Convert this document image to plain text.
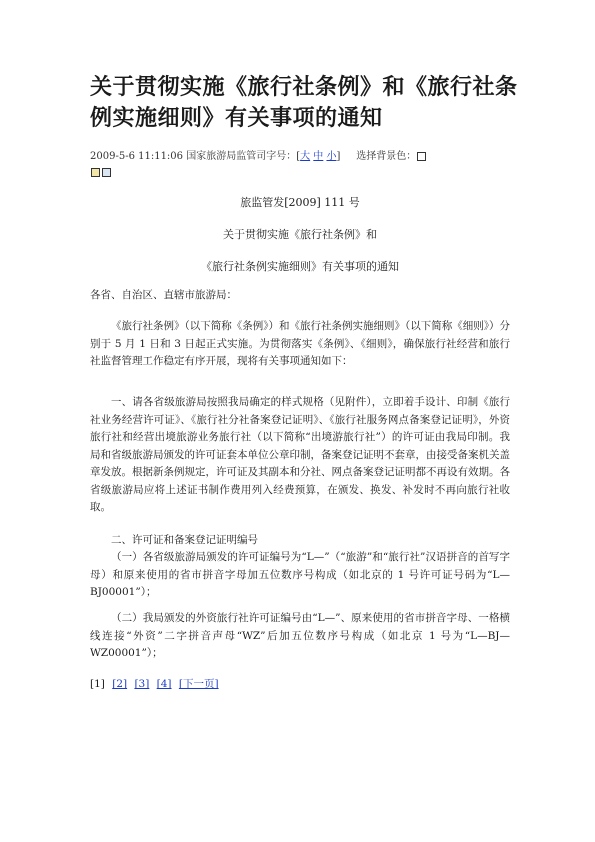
关于贯彻实施《旅行社条例》和《旅行社条例实施细则》有关事项的通知
2009-5-6 11:11:06 国家旅游局监管司字号：[大 中 小] 选择背景色：

旅监管发[2009] 111 号
关于贯彻实施《旅行社条例》和
《旅行社条例实施细则》有关事项的通知
各省、自治区、直辖市旅游局：
《旅行社条例》（以下简称《条例》）和《旅行社条例实施细则》（以下简称《细则》）分别于 5 月 1 日和 3 日起正式实施。为贯彻落实《条例》、《细则》，确保旅行社经营和旅行社监督管理工作稳定有序开展，现将有关事项通知如下：
一、请各省级旅游局按照我局确定的样式规格（见附件），立即着手设计、印制《旅行社业务经营许可证》、《旅行社分社备案登记证明》、《旅行社服务网点备案登记证明》，外资旅行社和经营出境旅游业务旅行社（以下简称“出境游旅行社”）的许可证由我局印制。我局和省级旅游局颁发的许可证套本单位公章印制，备案登记证明不套章，由接受备案机关盖章发放。根据新条例规定，许可证及其副本和分社、网点备案登记证明都不再设有效期。各省级旅游局应将上述证书制作费用列入经费预算，在颁发、换发、补发时不再向旅行社收取。
二、许可证和备案登记证明编号
（一）各省级旅游局颁发的许可证编号为“L—”（“旅游”和“旅行社”汉语拼音的首写字母）和原来使用的省市拼音字母加五位数序号构成（如北京的 1 号许可证号码为“L—BJ00001”）；
（二）我局颁发的外资旅行社许可证编号由“L—”、原来使用的省市拼音字母、一格横线连接“外资”二字拼音声母“WZ”后加五位数序号构成（如北京 1 号为“L—BJ—WZ00001”）；
[1] [2] [3] [4] [下一页]
